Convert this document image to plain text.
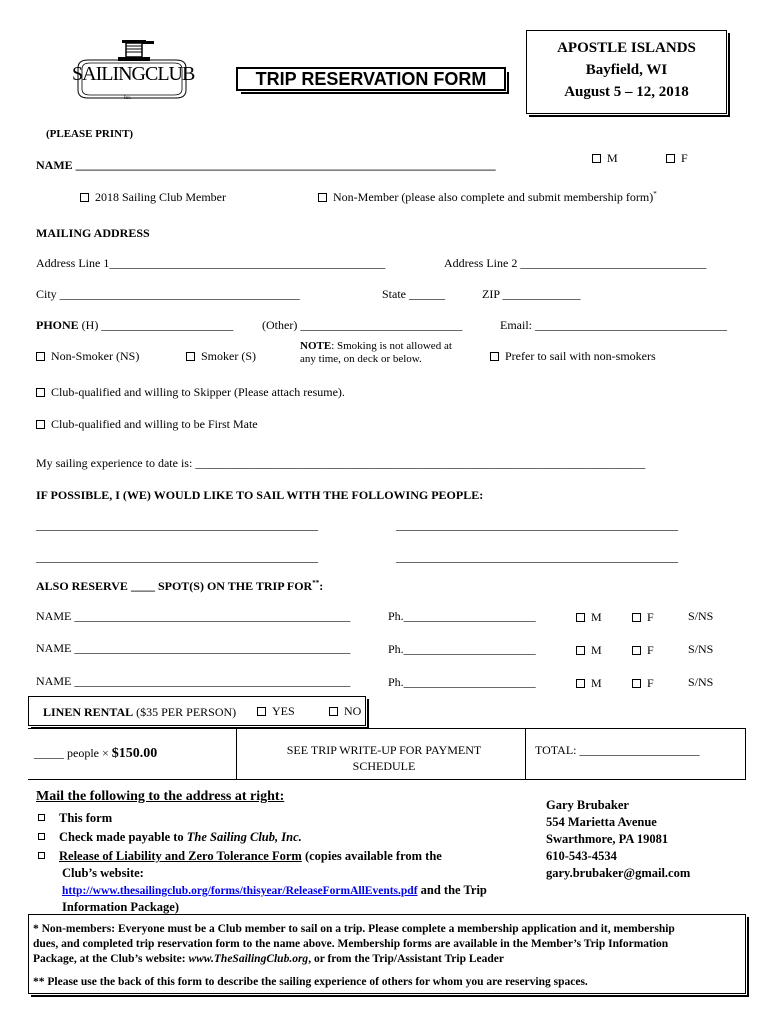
SAILINGCLUB
Inc.
TRIP RESERVATION FORM
APOSTLE ISLANDS
Bayfield, WI
August 5 – 12, 2018
(PLEASE PRINT)
NAME ______________________________________________________________________	M	F
2018 Sailing Club Member	Non-Member (please also complete and submit membership form)*
MAILING ADDRESS
Address Line 1______________________________________________	Address Line 2 _______________________________
City ________________________________________	State ______	ZIP _____________
PHONE (H) ______________________ (Other) ___________________________	Email: ________________________________
Non-Smoker (NS)	Smoker (S)
NOTE: Smoking is not allowed at
any time, on deck or below.	Prefer to sail with non-smokers
Club-qualified and willing to Skipper (Please attach resume).
Club-qualified and willing to be First Mate
My sailing experience to date is: ___________________________________________________________________________
IF POSSIBLE, I (WE) WOULD LIKE TO SAIL WITH THE FOLLOWING PEOPLE:
_______________________________________________	_______________________________________________
_______________________________________________	_______________________________________________
ALSO RESERVE ____ SPOT(S) ON THE TRIP FOR**:
NAME ______________________________________________	Ph.______________________	M	F	S/NS
NAME ______________________________________________	Ph.______________________	M	F	S/NS
NAME ______________________________________________	Ph.______________________	M	F	S/NS
LINEN RENTAL ($35 PER PERSON)	YES	NO
_____ people × $150.00	SEE TRIP WRITE-UP FOR PAYMENT
SCHEDULE
TOTAL: ____________________
Mail the following to the address at right:
This form
Check made payable to The Sailing Club, Inc.
Release of Liability and Zero Tolerance Form (copies available from the
Club’s website:
http://www.thesailingclub.org/forms/thisyear/ReleaseFormAllEvents.pdf and the Trip
Information Package)
Gary Brubaker
554 Marietta Avenue
Swarthmore, PA 19081
610-543-4534
gary.brubaker@gmail.com
* Non-members: Everyone must be a Club member to sail on a trip. Please complete a membership application and it, membership
dues, and completed trip reservation form to the name above. Membership forms are available in the Member’s Trip Information
Package, at the Club’s website: www.TheSailingClub.org, or from the Trip/Assistant Trip Leader
** Please use the back of this form to describe the sailing experience of others for whom you are reserving spaces.
